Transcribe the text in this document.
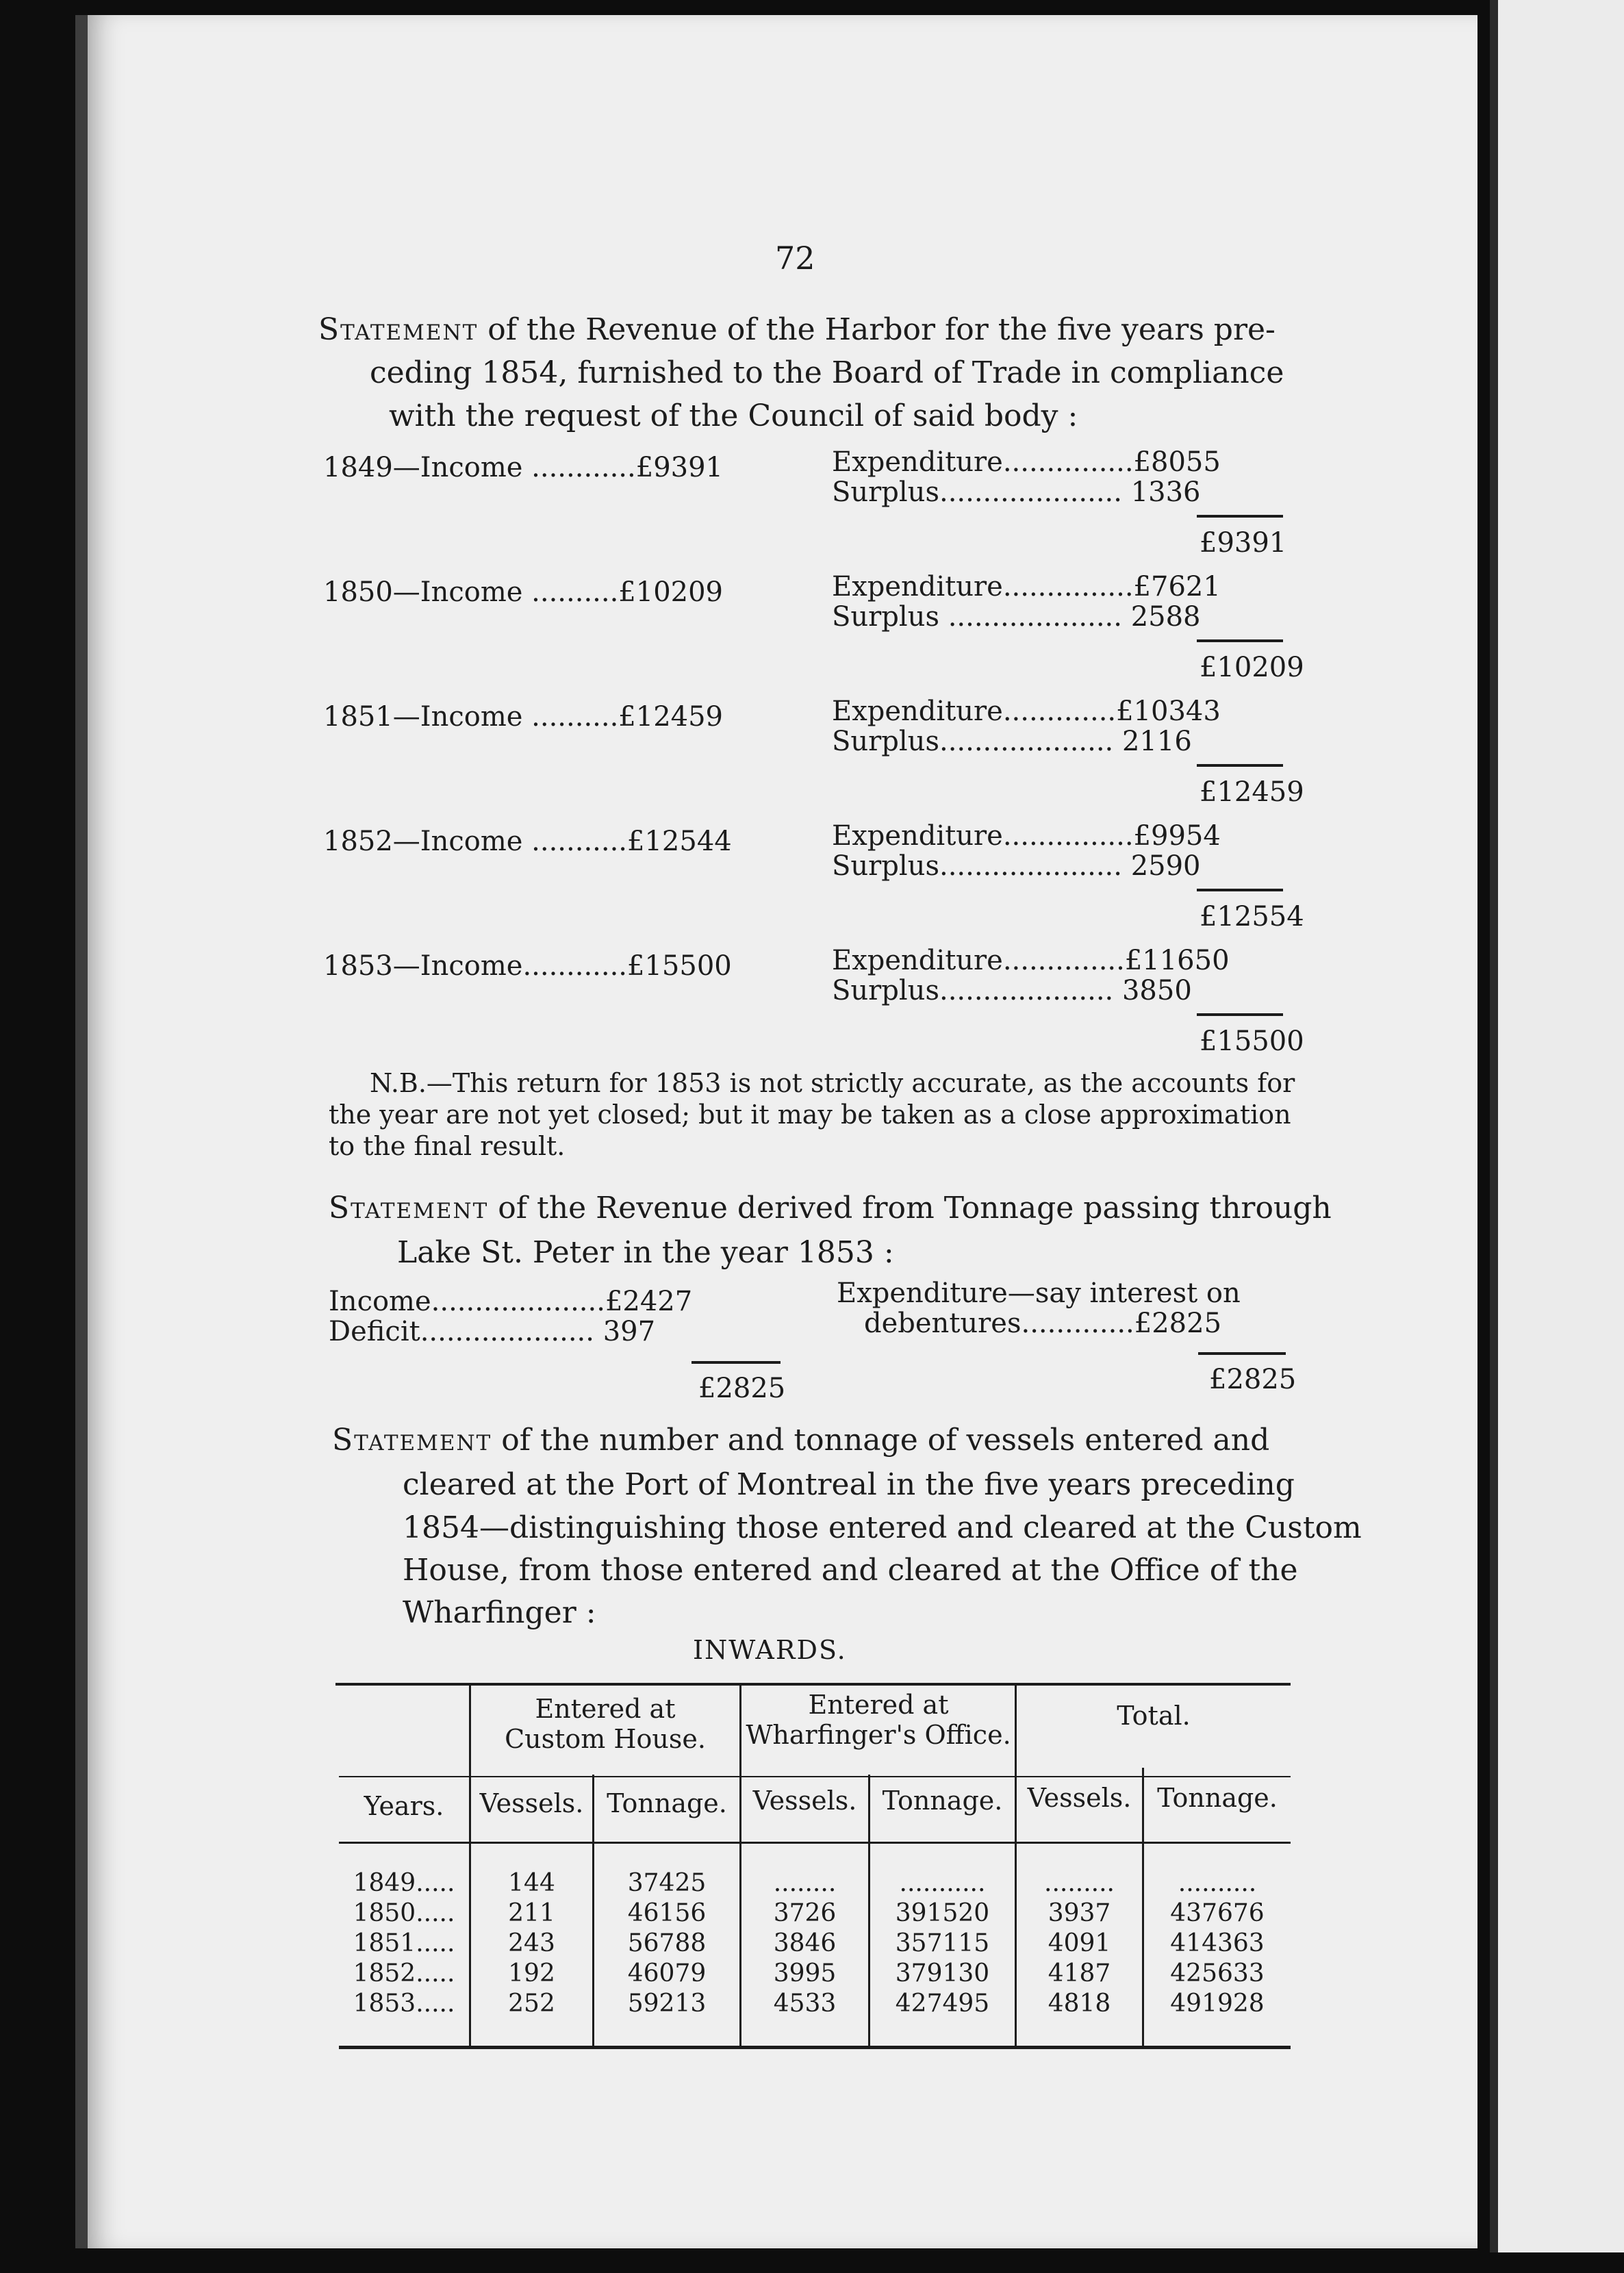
72
Statement of the Revenue of the Harbor for the five years pre-
ceding 1854, furnished to the Board of Trade in compliance
with the request of the Council of said body :
1849—Income ............£9391	Expenditure...............£8055
Surplus..................... 1336
£9391
1850—Income ..........£10209	Expenditure...............£7621
Surplus .................... 2588
£10209
1851—Income ..........£12459	Expenditure.............£10343
Surplus.................... 2116
£12459
1852—Income ...........£12544	Expenditure...............£9954
Surplus..................... 2590
£12554
1853—Income............£15500	Expenditure..............£11650
Surplus.................... 3850
£15500
N.B.—This return for 1853 is not strictly accurate, as the accounts for
the year are not yet closed; but it may be taken as a close approximation
to the final result.
Statement of the Revenue derived from Tonnage passing through
Lake St. Peter in the year 1853 :
Income....................£2427
Deficit.................... 397
£2825
Expenditure—say interest on
debentures.............£2825
£2825
Statement of the number and tonnage of vessels entered and
cleared at the Port of Montreal in the five years preceding
1854—distinguishing those entered and cleared at the Custom
House, from those entered and cleared at the Office of the
Wharfinger :
INWARDS.
Entered at
Custom House.
Entered at
Wharfinger's Office.
Total.
Years.	Vessels. Tonnage. Vessels. Tonnage. Vessels. Tonnage.
1849.....	144	37425	........	...........	.........	..........
1850.....	211	46156	3726	391520	3937	437676
1851.....	243	56788	3846	357115	4091	414363
1852.....	192	46079	3995	379130	4187	425633
1853.....	252	59213	4533	427495	4818	491928
